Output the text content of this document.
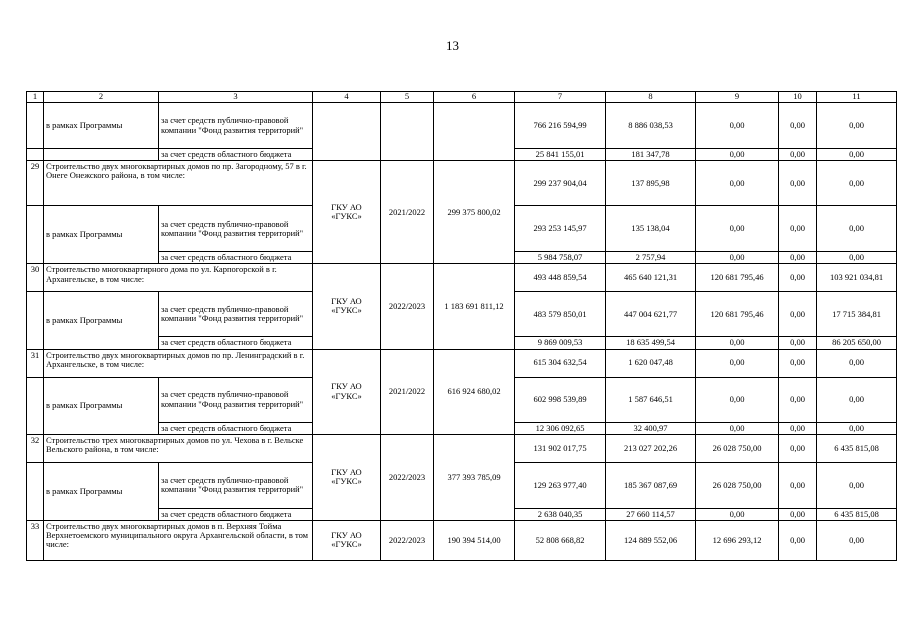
13
1	2	3	4	5	6	7	8	9	10	11
	в рамках Программы	за счет средств публично-правовой компании "Фонд развития территорий"				766 216 594,99	8 886 038,53	0,00	0,00	0,00
		за счет средств областного бюджета				25 841 155,01	181 347,78	0,00	0,00	0,00
29	Строительство двух многоквартирных домов по пр. Загородному, 57 в г. Онеге Онежского района, в том числе:		ГКУ АО «ГУКС»	2021/2022	299 375 800,02	299 237 904,04	137 895,98	0,00	0,00	0,00
	в рамках Программы	за счет средств публично-правовой компании "Фонд развития территорий"				293 253 145,97	135 138,04	0,00	0,00	0,00
		за счет средств областного бюджета				5 984 758,07	2 757,94	0,00	0,00	0,00
30	Строительство многоквартирного дома по ул. Карпогорской в г. Архангельске, в том числе:		ГКУ АО «ГУКС»	2022/2023	1 183 691 811,12	493 448 859,54	465 640 121,31	120 681 795,46	0,00	103 921 034,81
	в рамках Программы	за счет средств публично-правовой компании "Фонд развития территорий"				483 579 850,01	447 004 621,77	120 681 795,46	0,00	17 715 384,81
		за счет средств областного бюджета				9 869 009,53	18 635 499,54	0,00	0,00	86 205 650,00
31	Строительство двух многоквартирных домов по пр. Ленинградский в г. Архангельске, в том числе:		ГКУ АО «ГУКС»	2021/2022	616 924 680,02	615 304 632,54	1 620 047,48	0,00	0,00	0,00
	в рамках Программы	за счет средств публично-правовой компании "Фонд развития территорий"				602 998 539,89	1 587 646,51	0,00	0,00	0,00
		за счет средств областного бюджета				12 306 092,65	32 400,97	0,00	0,00	0,00
32	Строительство трех многоквартирных домов по ул. Чехова в г. Вельске Вельского района, в том числе:		ГКУ АО «ГУКС»	2022/2023	377 393 785,09	131 902 017,75	213 027 202,26	26 028 750,00	0,00	6 435 815,08
	в рамках Программы	за счет средств публично-правовой компании "Фонд развития территорий"				129 263 977,40	185 367 087,69	26 028 750,00	0,00	0,00
		за счет средств областного бюджета				2 638 040,35	27 660 114,57	0,00	0,00	6 435 815,08
33	Строительство двух многоквартирных домов в п. Верхняя Тойма Верхнетоемского муниципального округа Архангельской области, в том числе:		ГКУ АО «ГУКС»	2022/2023	190 394 514,00	52 808 668,82	124 889 552,06	12 696 293,12	0,00	0,00
